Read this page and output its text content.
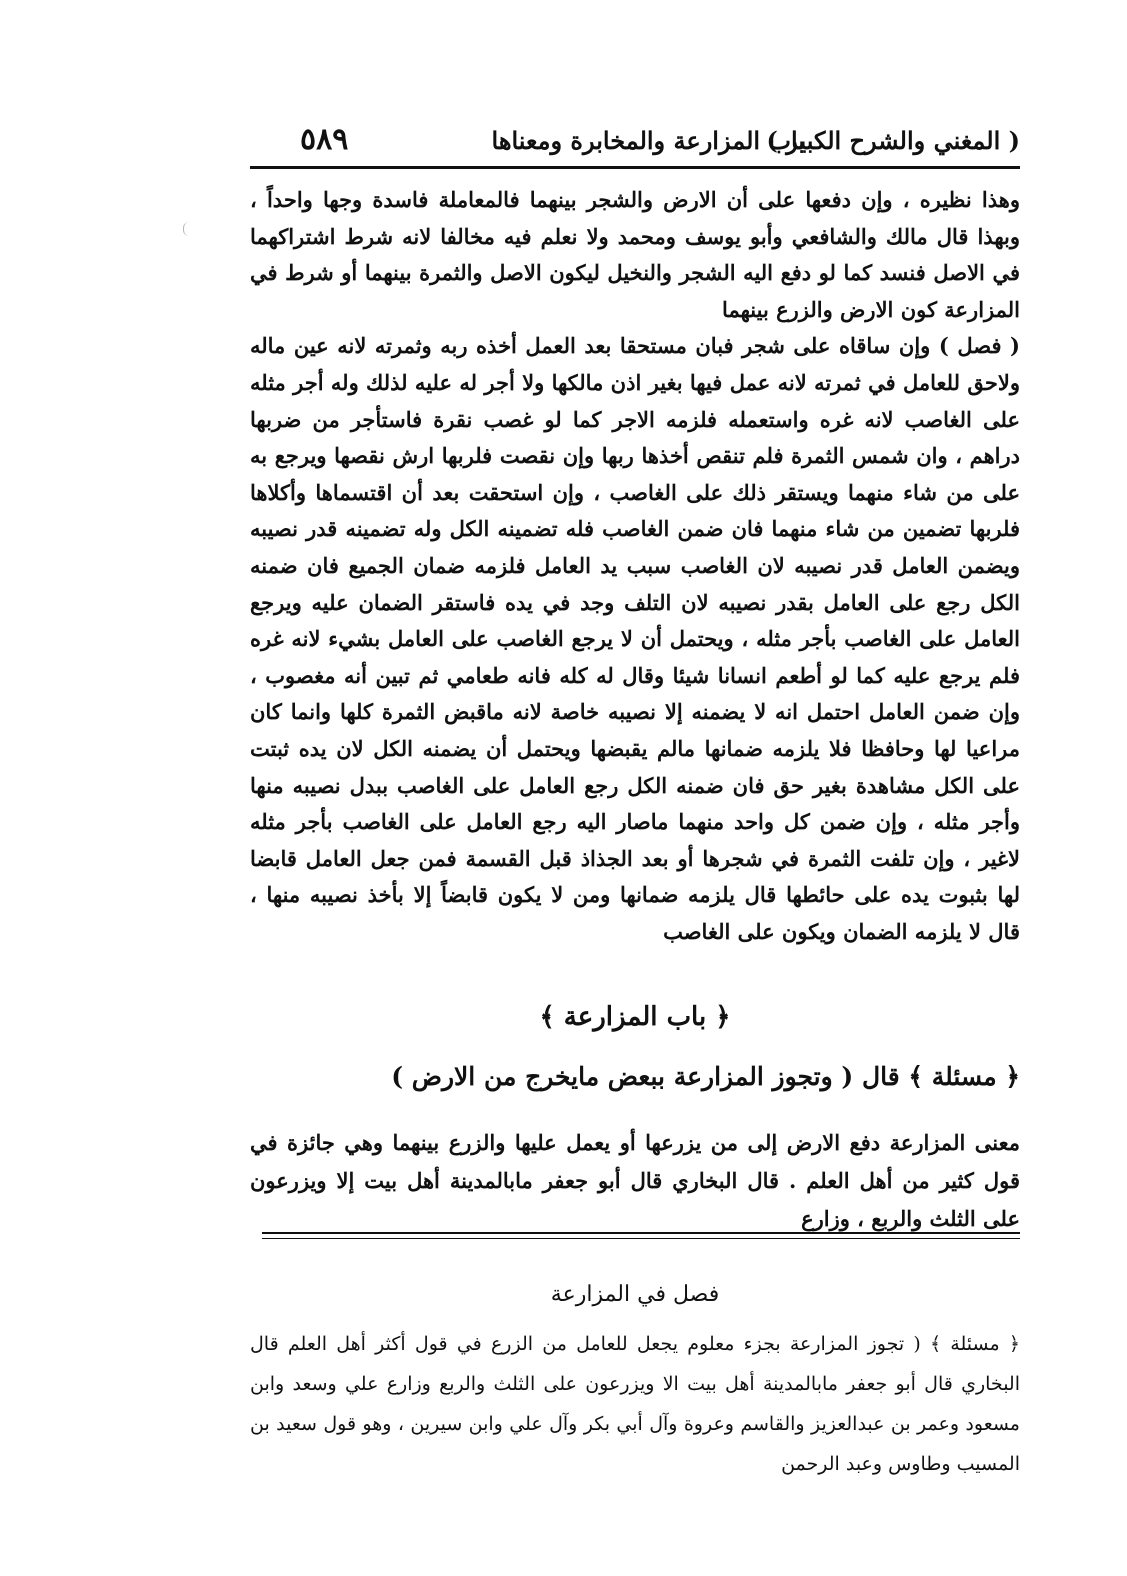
( المغني والشرح الكبير )
باب المزارعة والمخابرة ومعناها
٥٨٩

وهذا نظيره ، وإن دفعها على أن الارض والشجر بينهما فالمعاملة فاسدة وجها واحداً ، وبهذا قال مالك والشافعي وأبو يوسف ومحمد ولا نعلم فيه مخالفا لانه شرط اشتراكهما في الاصل فنسد كما لو دفع اليه الشجر والنخيل ليكون الاصل والثمرة بينهما أو شرط في المزارعة كون الارض والزرع بينهما

( فصل ) وإن ساقاه على شجر فبان مستحقا بعد العمل أخذه ربه وثمرته لانه عين ماله ولاحق للعامل في ثمرته لانه عمل فيها بغير اذن مالكها ولا أجر له عليه لذلك وله أجر مثله على الغاصب لانه غره واستعمله فلزمه الاجر كما لو غصب نقرة فاستأجر من ضربها دراهم ، وان شمس الثمرة فلم تنقص أخذها ربها وإن نقصت فلربها ارش نقصها ويرجع به على من شاء منهما ويستقر ذلك على الغاصب ، وإن استحقت بعد أن اقتسماها وأكلاها فلربها تضمين من شاء منهما فان ضمن الغاصب فله تضمينه الكل وله تضمينه قدر نصيبه ويضمن العامل قدر نصيبه لان الغاصب سبب يد العامل فلزمه ضمان الجميع فان ضمنه الكل رجع على العامل بقدر نصيبه لان التلف وجد في يده فاستقر الضمان عليه ويرجع العامل على الغاصب بأجر مثله ، ويحتمل أن لا يرجع الغاصب على العامل بشيء لانه غره فلم يرجع عليه كما لو أطعم انسانا شيئا وقال له كله فانه طعامي ثم تبين أنه مغصوب ، وإن ضمن العامل احتمل انه لا يضمنه إلا نصيبه خاصة لانه ماقبض الثمرة كلها وانما كان مراعيا لها وحافظا فلا يلزمه ضمانها مالم يقبضها ويحتمل أن يضمنه الكل لان يده ثبتت على الكل مشاهدة بغير حق فان ضمنه الكل رجع العامل على الغاصب ببدل نصيبه منها وأجر مثله ، وإن ضمن كل واحد منهما ماصار اليه رجع العامل على الغاصب بأجر مثله لاغير ، وإن تلفت الثمرة في شجرها أو بعد الجذاذ قبل القسمة فمن جعل العامل قابضا لها بثبوت يده على حائطها قال يلزمه ضمانها ومن لا يكون قابضاً إلا بأخذ نصيبه منها ، قال لا يلزمه الضمان ويكون على الغاصب

﴿ باب المزارعة ﴾
﴿ مسئلة ﴾ قال ( وتجوز المزارعة ببعض مايخرج من الارض )

معنى المزارعة دفع الارض إلى من يزرعها أو يعمل عليها والزرع بينهما وهي جائزة في قول كثير من أهل العلم . قال البخاري قال أبو جعفر مابالمدينة أهل بيت إلا ويزرعون على الثلث والربع ، وزارع

فصل في المزارعة

﴿ مسئلة ﴾ ( تجوز المزارعة بجزء معلوم يجعل للعامل من الزرع في قول أكثر أهل العلم قال البخاري قال أبو جعفر مابالمدينة أهل بيت الا ويزرعون على الثلث والربع وزارع علي وسعد وابن مسعود وعمر بن عبدالعزيز والقاسم وعروة وآل أبي بكر وآل علي وابن سيرين ، وهو قول سعيد بن المسيب وطاوس وعبد الرحمن
